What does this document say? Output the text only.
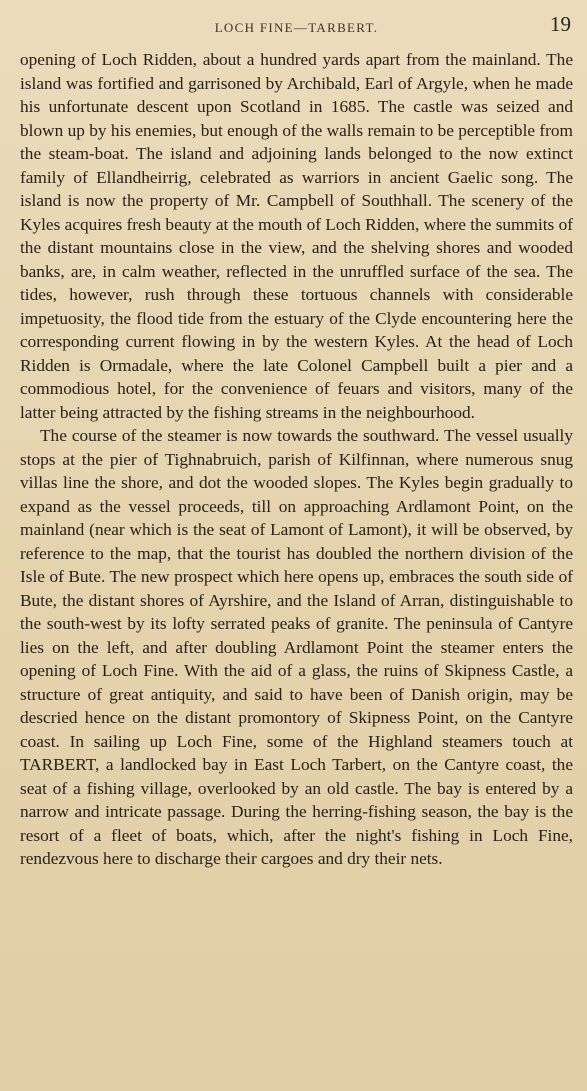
LOCH FINE—TARBERT.	19

opening of Loch Ridden, about a hundred yards apart from the mainland. The island was fortified and garrisoned by Archibald, Earl of Argyle, when he made his unfortunate descent upon Scotland in 1685. The castle was seized and blown up by his enemies, but enough of the walls remain to be perceptible from the steam-boat. The island and adjoining lands belonged to the now extinct family of Ellandheirrig, celebrated as warriors in ancient Gaelic song. The island is now the property of Mr. Campbell of Southhall. The scenery of the Kyles acquires fresh beauty at the mouth of Loch Ridden, where the summits of the distant mountains close in the view, and the shelving shores and wooded banks, are, in calm weather, reflected in the unruffled surface of the sea. The tides, however, rush through these tortuous channels with considerable impetuosity, the flood tide from the estuary of the Clyde encountering here the corresponding current flowing in by the western Kyles. At the head of Loch Ridden is Ormadale, where the late Colonel Campbell built a pier and a commodious hotel, for the convenience of feuars and visitors, many of the latter being attracted by the fishing streams in the neighbourhood.

The course of the steamer is now towards the southward. The vessel usually stops at the pier of Tighnabruich, parish of Kilfinnan, where numerous snug villas line the shore, and dot the wooded slopes. The Kyles begin gradually to expand as the vessel proceeds, till on approaching Ardlamont Point, on the mainland (near which is the seat of Lamont of Lamont), it will be observed, by reference to the map, that the tourist has doubled the northern division of the Isle of Bute. The new prospect which here opens up, embraces the south side of Bute, the distant shores of Ayrshire, and the Island of Arran, distinguishable to the south-west by its lofty serrated peaks of granite. The peninsula of Cantyre lies on the left, and after doubling Ardlamont Point the steamer enters the opening of Loch Fine. With the aid of a glass, the ruins of Skipness Castle, a structure of great antiquity, and said to have been of Danish origin, may be descried hence on the distant promontory of Skipness Point, on the Cantyre coast. In sailing up Loch Fine, some of the Highland steamers touch at TARBERT, a landlocked bay in East Loch Tarbert, on the Cantyre coast, the seat of a fishing village, overlooked by an old castle. The bay is entered by a narrow and intricate passage. During the herring-fishing season, the bay is the resort of a fleet of boats, which, after the night's fishing in Loch Fine, rendezvous here to discharge their cargoes and dry their nets.
